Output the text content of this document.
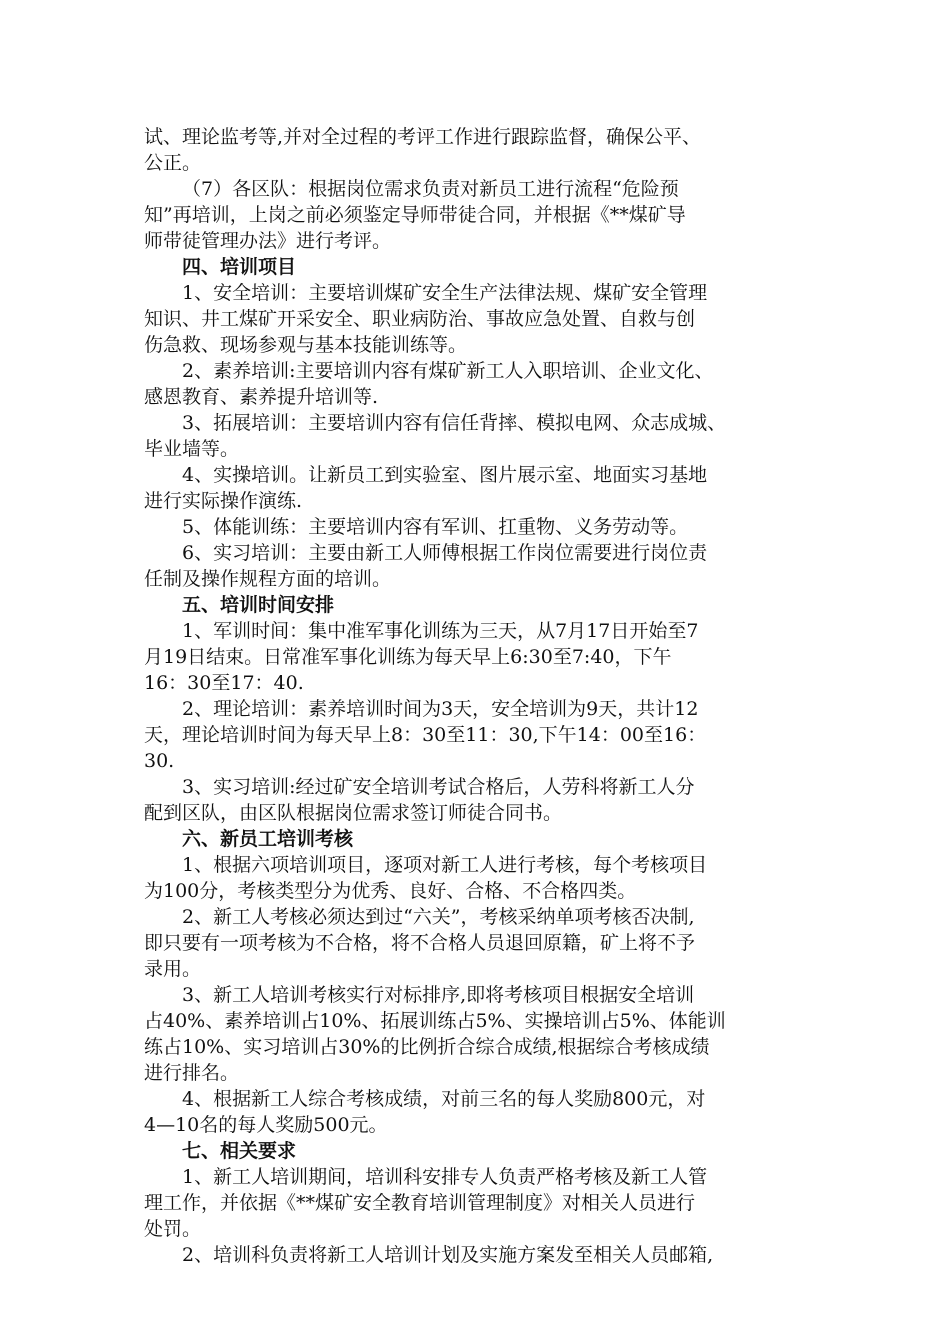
试、理论监考等,并对全过程的考评工作进行跟踪监督，确保公平、
公正。
（7）各区队：根据岗位需求负责对新员工进行流程“危险预
知”再培训，上岗之前必须鉴定导师带徒合同，并根据《**煤矿导
师带徒管理办法》进行考评。
四、培训项目
1、安全培训：主要培训煤矿安全生产法律法规、煤矿安全管理
知识、井工煤矿开采安全、职业病防治、事故应急处置、自救与创
伤急救、现场参观与基本技能训练等。
2、素养培训:主要培训内容有煤矿新工人入职培训、企业文化、
感恩教育、素养提升培训等.
3、拓展培训：主要培训内容有信任背摔、模拟电网、众志成城、
毕业墙等。
4、实操培训。让新员工到实验室、图片展示室、地面实习基地
进行实际操作演练.
5、体能训练：主要培训内容有军训、扛重物、义务劳动等。
6、实习培训：主要由新工人师傅根据工作岗位需要进行岗位责
任制及操作规程方面的培训。
五、培训时间安排
1、军训时间：集中准军事化训练为三天，从7月17日开始至7
月19日结束。日常准军事化训练为每天早上6:30至7:40，下午
16：30至17：40.
2、理论培训：素养培训时间为3天，安全培训为9天，共计12
天，理论培训时间为每天早上8：30至11：30,下午14：00至16：
30.
3、实习培训:经过矿安全培训考试合格后，人劳科将新工人分
配到区队，由区队根据岗位需求签订师徒合同书。
六、新员工培训考核
1、根据六项培训项目，逐项对新工人进行考核，每个考核项目
为100分，考核类型分为优秀、良好、合格、不合格四类。
2、新工人考核必须达到过“六关”，考核采纳单项考核否决制,
即只要有一项考核为不合格，将不合格人员退回原籍，矿上将不予
录用。
3、新工人培训考核实行对标排序,即将考核项目根据安全培训
占40%、素养培训占10%、拓展训练占5%、实操培训占5%、体能训
练占10%、实习培训占30%的比例折合综合成绩,根据综合考核成绩
进行排名。
4、根据新工人综合考核成绩，对前三名的每人奖励800元，对
4—10名的每人奖励500元。
七、相关要求
1、新工人培训期间，培训科安排专人负责严格考核及新工人管
理工作，并依据《**煤矿安全教育培训管理制度》对相关人员进行
处罚。
2、培训科负责将新工人培训计划及实施方案发至相关人员邮箱,
